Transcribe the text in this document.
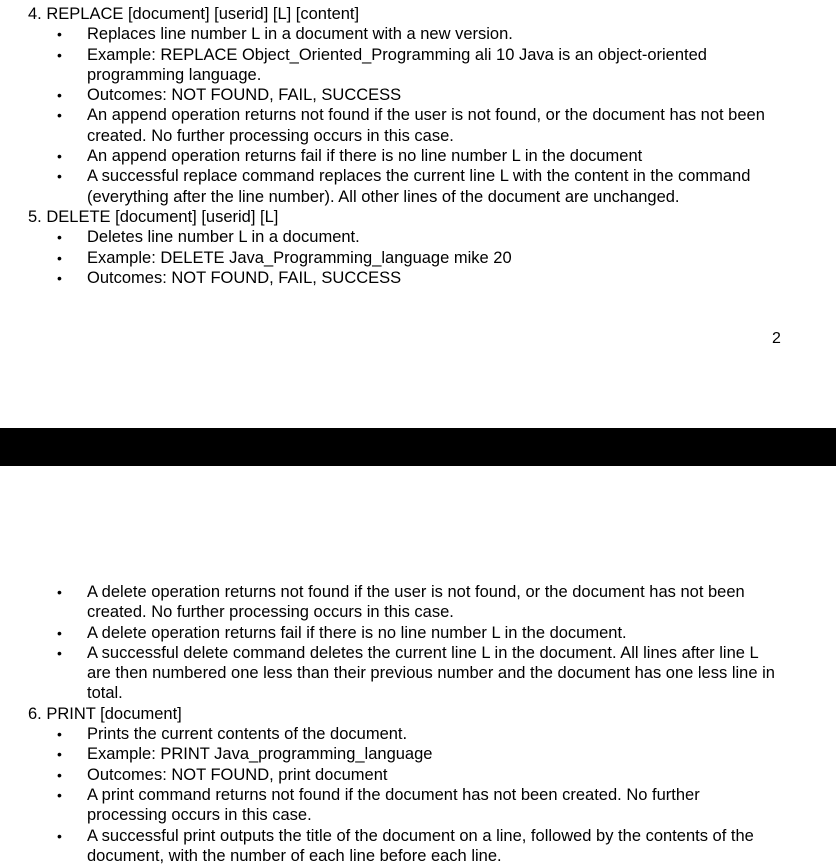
4. REPLACE [document] [userid] [L] [content]

• Replaces line number L in a document with a new version.
• Example: REPLACE Object_Oriented_Programming ali 10 Java is an object-oriented programming language.
• Outcomes: NOT FOUND, FAIL, SUCCESS
• An append operation returns not found if the user is not found, or the document has not been created. No further processing occurs in this case.
• An append operation returns fail if there is no line number L in the document
• A successful replace command replaces the current line L with the content in the command (everything after the line number). All other lines of the document are unchanged.

5. DELETE [document] [userid] [L]

• Deletes line number L in a document.
• Example: DELETE Java_Programming_language mike 20
• Outcomes: NOT FOUND, FAIL, SUCCESS
2
• A delete operation returns not found if the user is not found, or the document has not been created. No further processing occurs in this case.
• A delete operation returns fail if there is no line number L in the document.
• A successful delete command deletes the current line L in the document. All lines after line L are then numbered one less than their previous number and the document has one less line in total.

6. PRINT [document]

• Prints the current contents of the document.
• Example: PRINT Java_programming_language
• Outcomes: NOT FOUND, print document
• A print command returns not found if the document has not been created. No further processing occurs in this case.
• A successful print outputs the title of the document on a line, followed by the contents of the document, with the number of each line before each line.
